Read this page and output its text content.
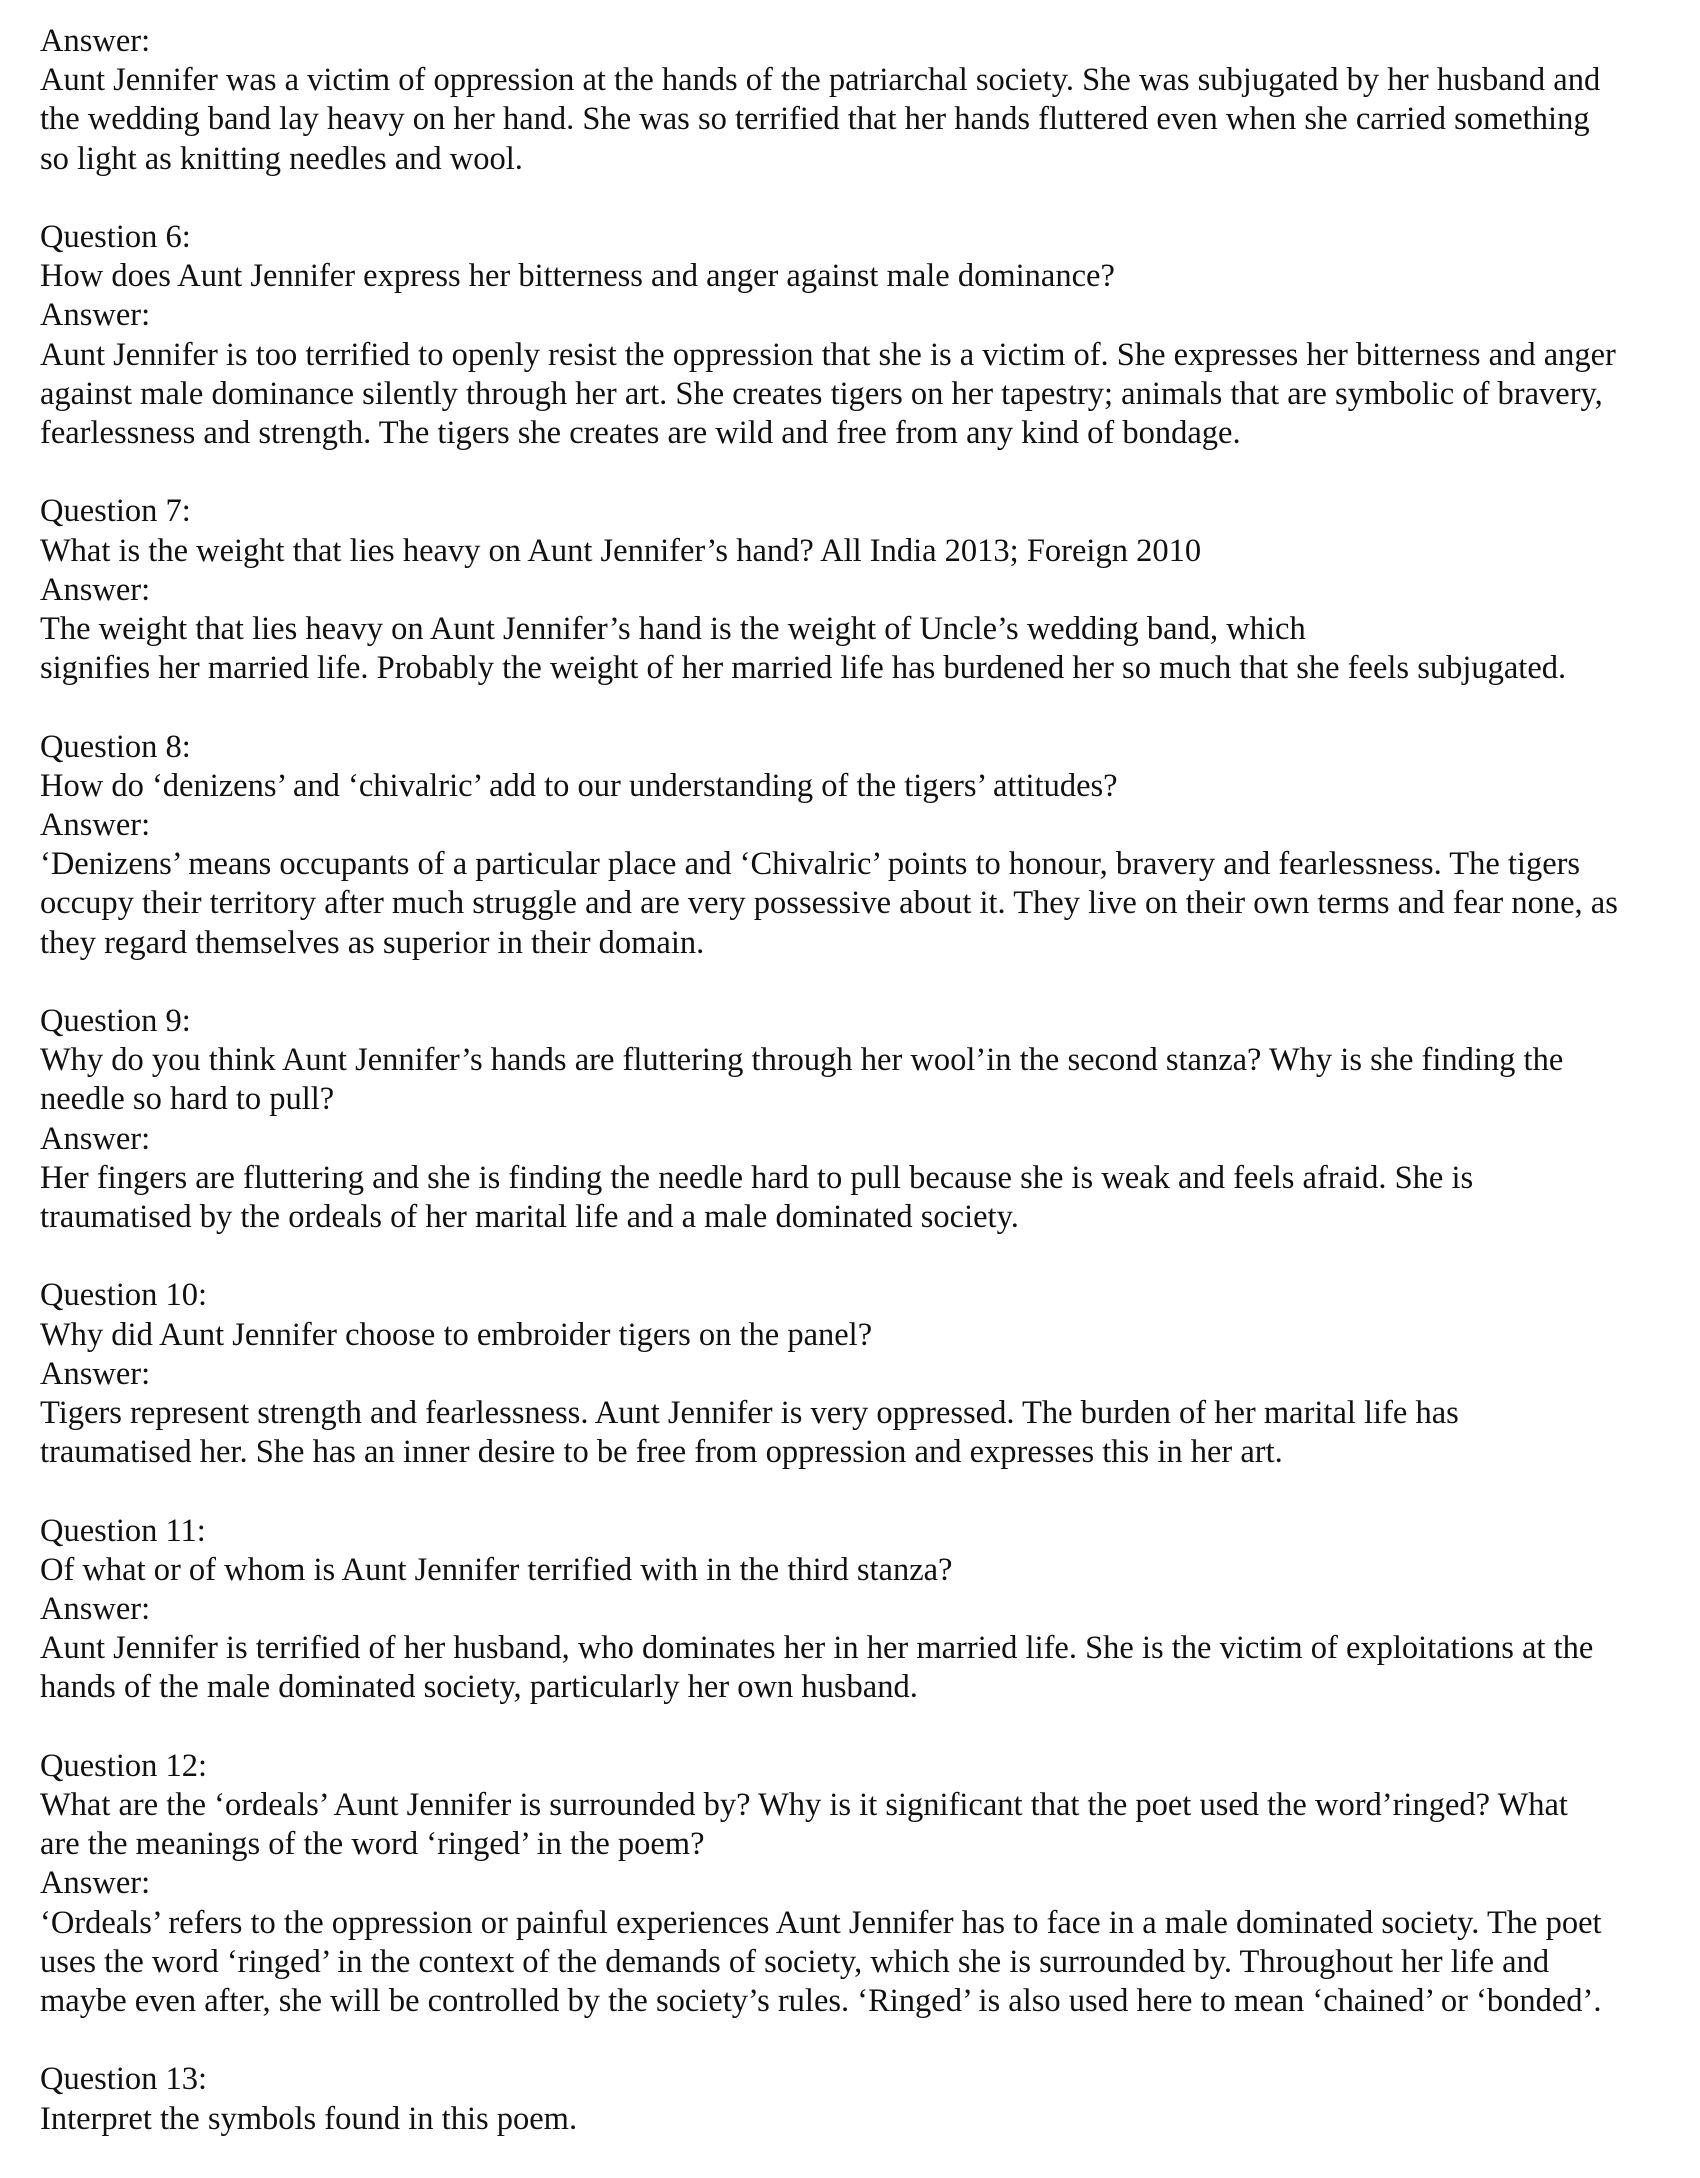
Answer:
Aunt Jennifer was a victim of oppression at the hands of the patriarchal society. She was subjugated by her husband and
the wedding band lay heavy on her hand. She was so terrified that her hands fluttered even when she carried something
so light as knitting needles and wool.
Question 6:
How does Aunt Jennifer express her bitterness and anger against male dominance?
Answer:
Aunt Jennifer is too terrified to openly resist the oppression that she is a victim of. She expresses her bitterness and anger
against male dominance silently through her art. She creates tigers on her tapestry; animals that are symbolic of bravery,
fearlessness and strength. The tigers she creates are wild and free from any kind of bondage.
Question 7:
What is the weight that lies heavy on Aunt Jennifer’s hand? All India 2013; Foreign 2010
Answer:
The weight that lies heavy on Aunt Jennifer’s hand is the weight of Uncle’s wedding band, which
signifies her married life. Probably the weight of her married life has burdened her so much that she feels subjugated.
Question 8:
How do ‘denizens’ and ‘chivalric’ add to our understanding of the tigers’ attitudes?
Answer:
‘Denizens’ means occupants of a particular place and ‘Chivalric’ points to honour, bravery and fearlessness. The tigers
occupy their territory after much struggle and are very possessive about it. They live on their own terms and fear none, as
they regard themselves as superior in their domain.
Question 9:
Why do you think Aunt Jennifer’s hands are fluttering through her wool’in the second stanza? Why is she finding the
needle so hard to pull?
Answer:
Her fingers are fluttering and she is finding the needle hard to pull because she is weak and feels afraid. She is
traumatised by the ordeals of her marital life and a male dominated society.
Question 10:
Why did Aunt Jennifer choose to embroider tigers on the panel?
Answer:
Tigers represent strength and fearlessness. Aunt Jennifer is very oppressed. The burden of her marital life has
traumatised her. She has an inner desire to be free from oppression and expresses this in her art.
Question 11:
Of what or of whom is Aunt Jennifer terrified with in the third stanza?
Answer:
Aunt Jennifer is terrified of her husband, who dominates her in her married life. She is the victim of exploitations at the
hands of the male dominated society, particularly her own husband.
Question 12:
What are the ‘ordeals’ Aunt Jennifer is surrounded by? Why is it significant that the poet used the word’ringed? What
are the meanings of the word ‘ringed’ in the poem?
Answer:
‘Ordeals’ refers to the oppression or painful experiences Aunt Jennifer has to face in a male dominated society. The poet
uses the word ‘ringed’ in the context of the demands of society, which she is surrounded by. Throughout her life and
maybe even after, she will be controlled by the society’s rules. ‘Ringed’ is also used here to mean ‘chained’ or ‘bonded’.
Question 13:
Interpret the symbols found in this poem.
